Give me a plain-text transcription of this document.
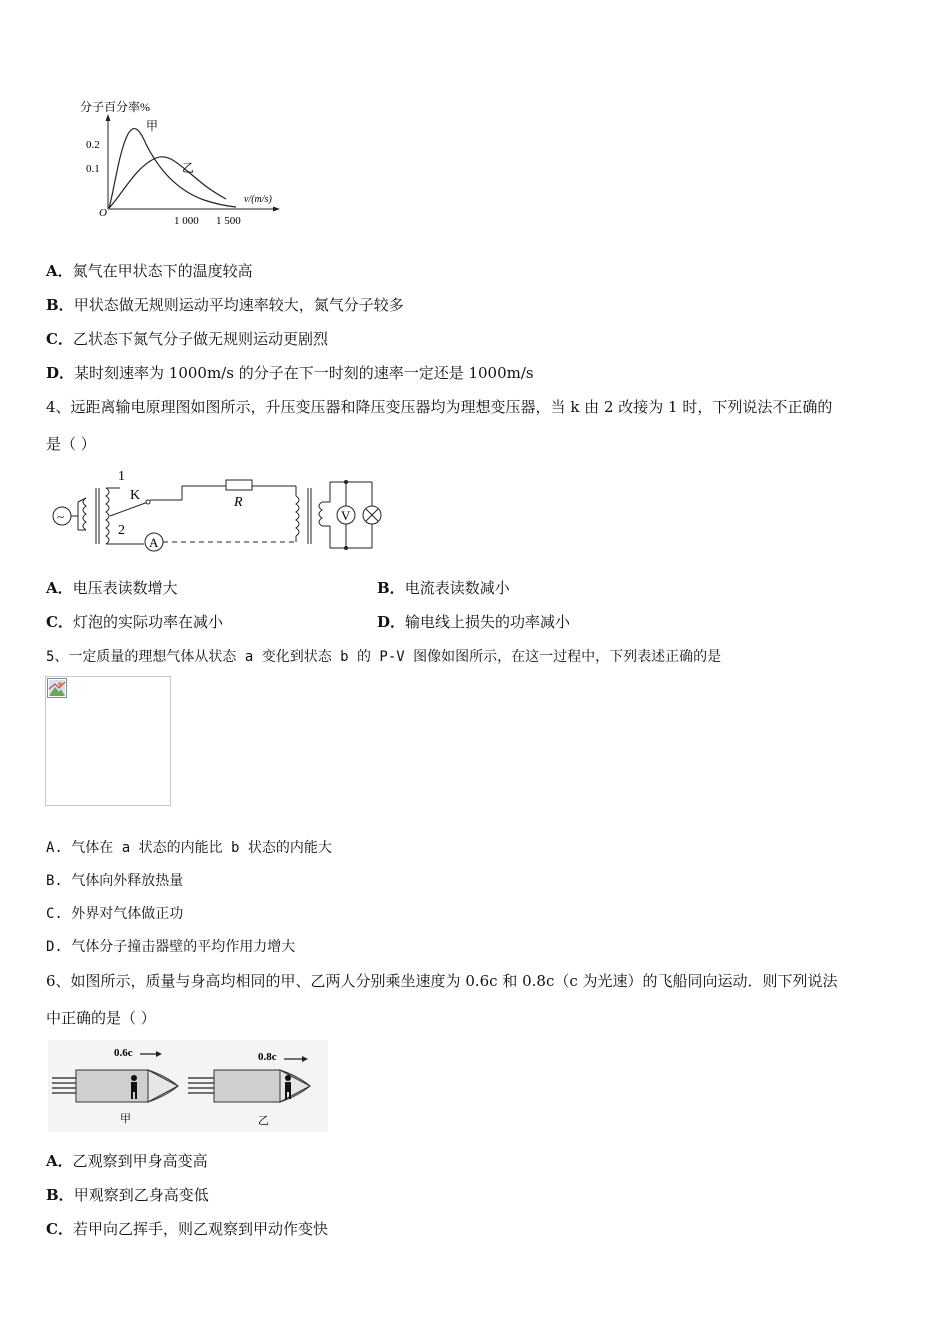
分子百分率%
0.2
0.1
O
v/(m/s)
1 000 1 500
甲
乙
A．氮气在甲状态下的温度较高
B．甲状态做无规则运动平均速率较大，氮气分子较多
C．乙状态下氮气分子做无规则运动更剧烈
D．某时刻速率为 1000m/s 的分子在下一时刻的速率一定还是 1000m/s
4、远距离输电原理图如图所示，升压变压器和降压变压器均为理想变压器，当 k 由 2 改接为 1 时，下列说法不正确的
是（ ）
~
1
2
K	R
A
V
A．电压表读数增大	B．电流表读数减小
C．灯泡的实际功率在减小	D．输电线上损失的功率减小
5、一定质量的理想气体从状态 a 变化到状态 b 的 P-V 图像如图所示，在这一过程中，下列表述正确的是
A. 气体在 a 状态的内能比 b 状态的内能大
B. 气体向外释放热量
C. 外界对气体做正功
D. 气体分子撞击器壁的平均作用力增大
6、如图所示，质量与身高均相同的甲、乙两人分别乘坐速度为 0.6c 和 0.8c（c 为光速）的飞船同向运动．则下列说法
中正确的是（ ）
0.6c
甲
0.8c
乙
A．乙观察到甲身高变高
B．甲观察到乙身高变低
C．若甲向乙挥手，则乙观察到甲动作变快
